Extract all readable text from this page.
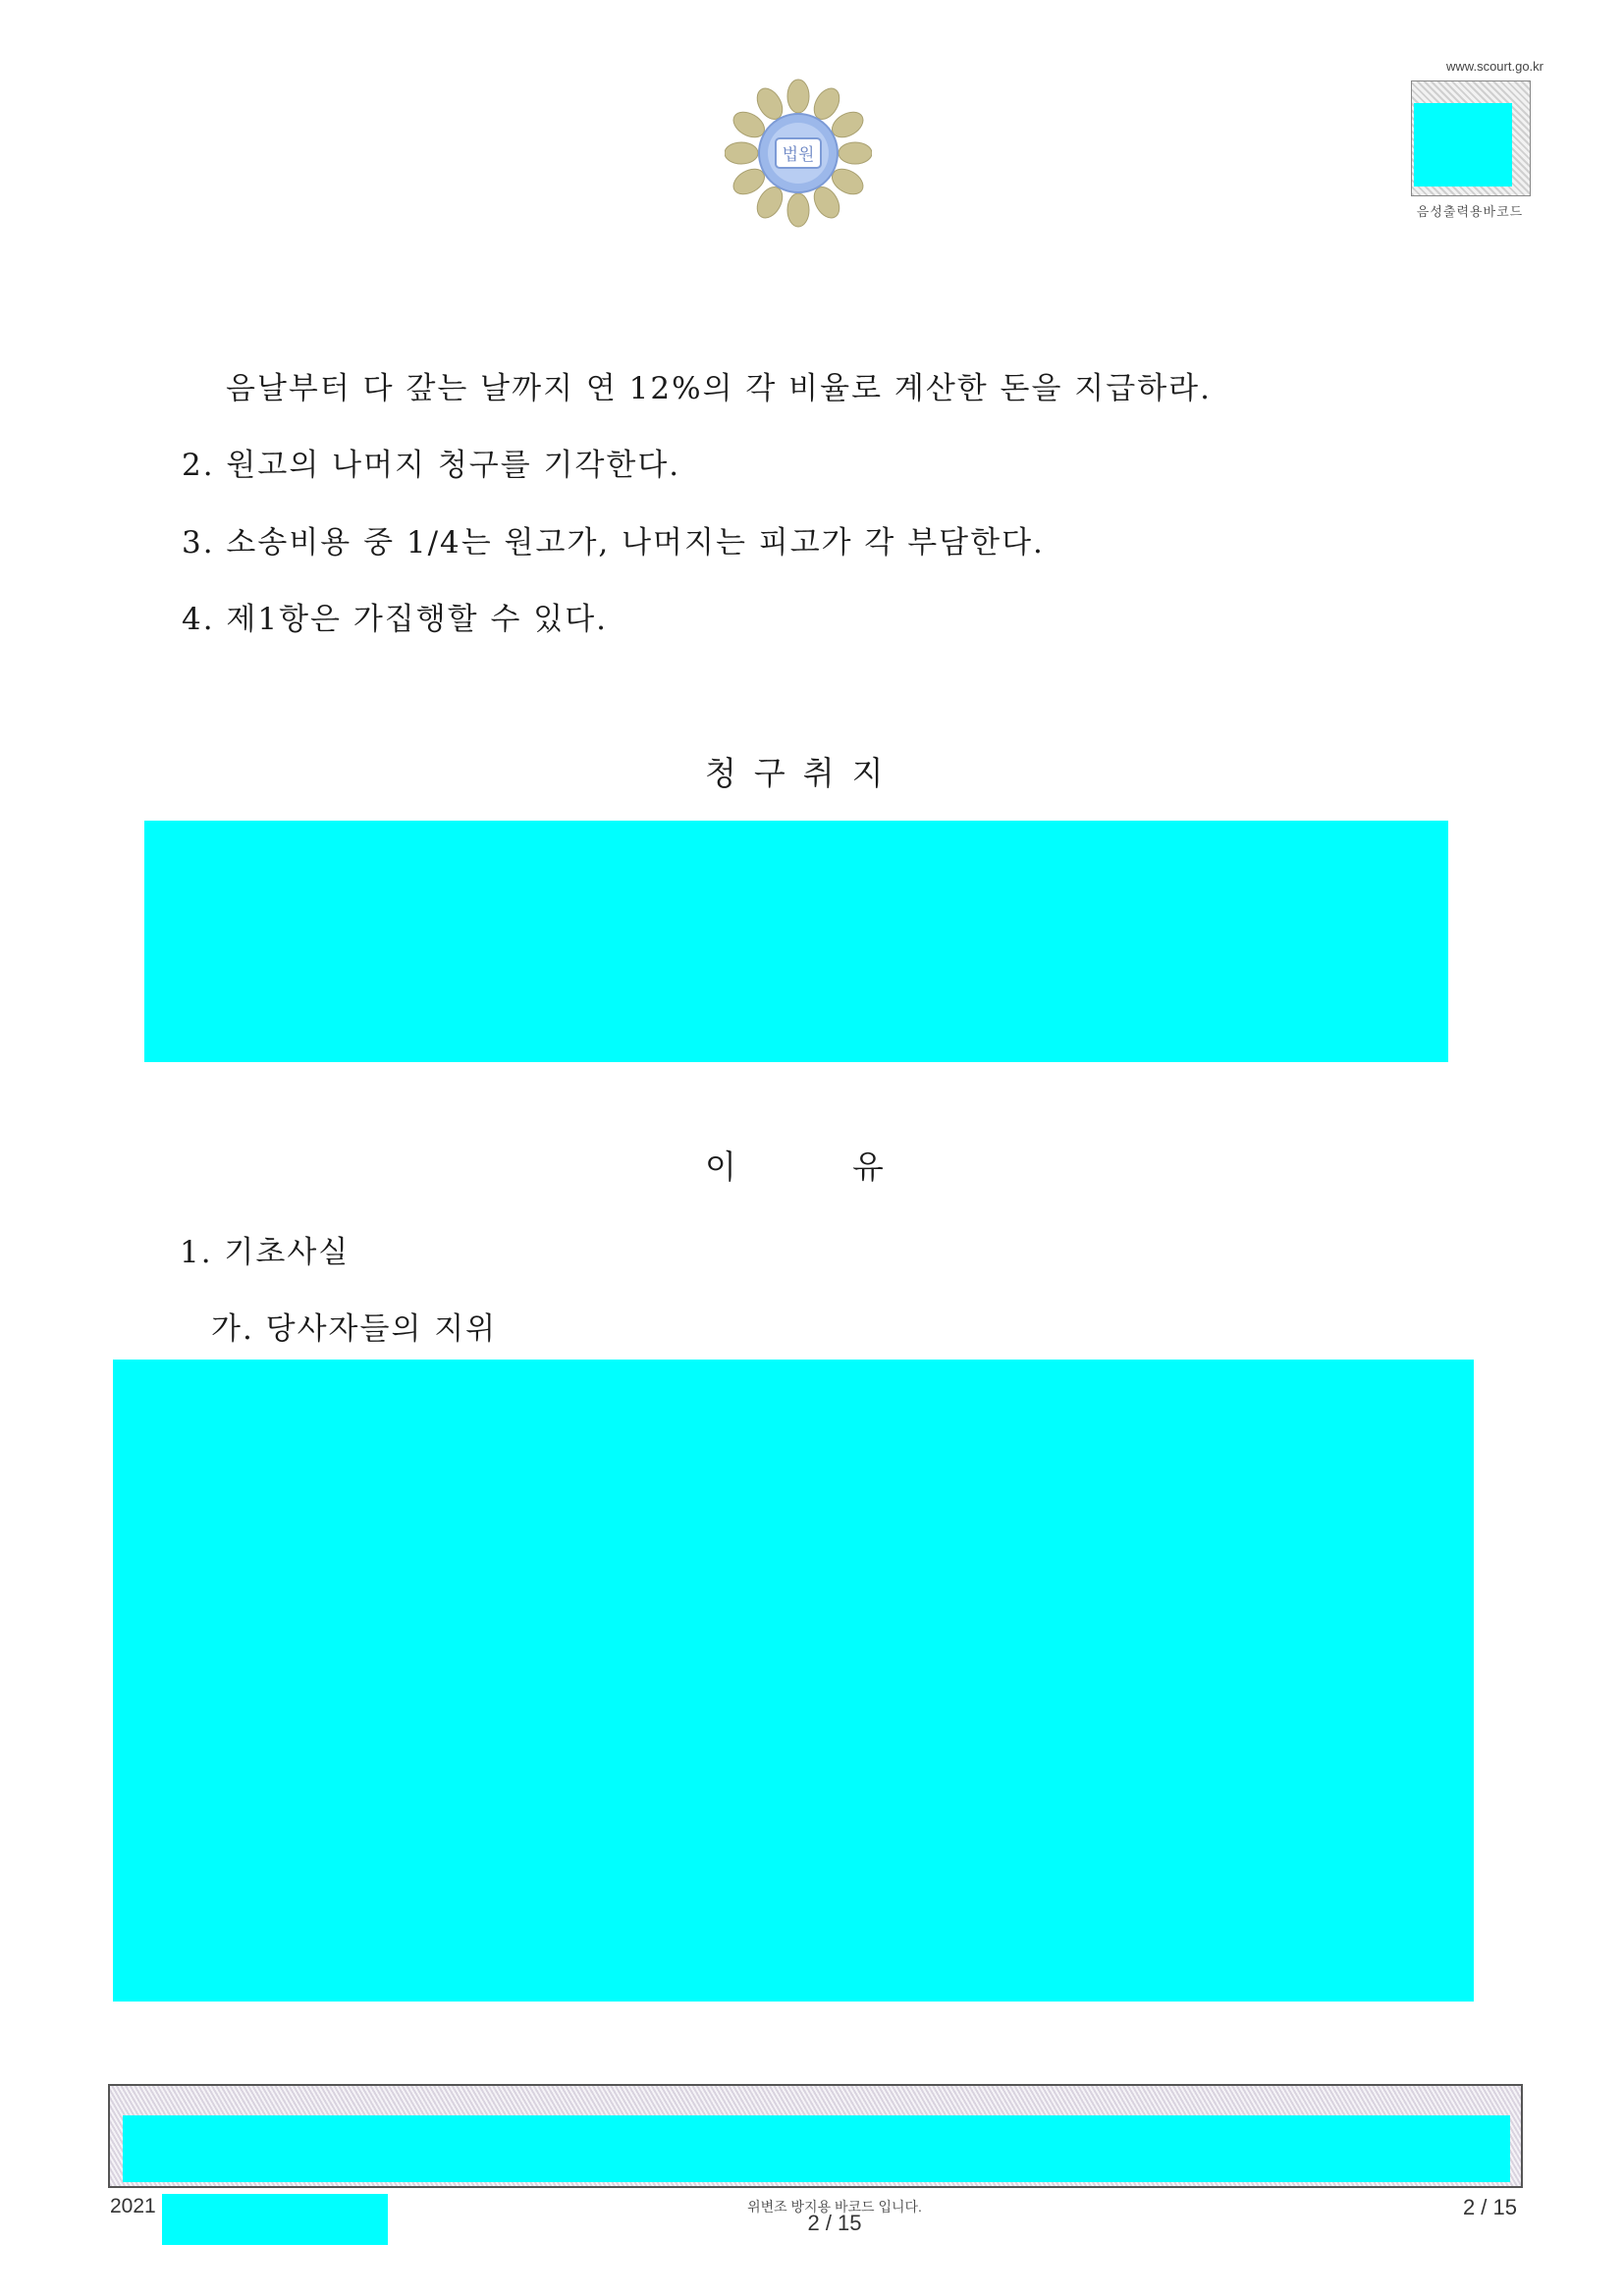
법원
www.scourt.go.kr
음성출력용바코드
음날부터 다 갚는 날까지 연 12%의 각 비율로 계산한 돈을 지급하라.
2. 원고의 나머지 청구를 기각한다.
3. 소송비용 중 1/4는 원고가, 나머지는 피고가 각 부담한다.
4. 제1항은 가집행할 수 있다.
청구취지
이	유
1. 기초사실
가. 당사자들의 지위
2021	위변조 방지용 바코드 입니다.
2 / 15
2 / 15
